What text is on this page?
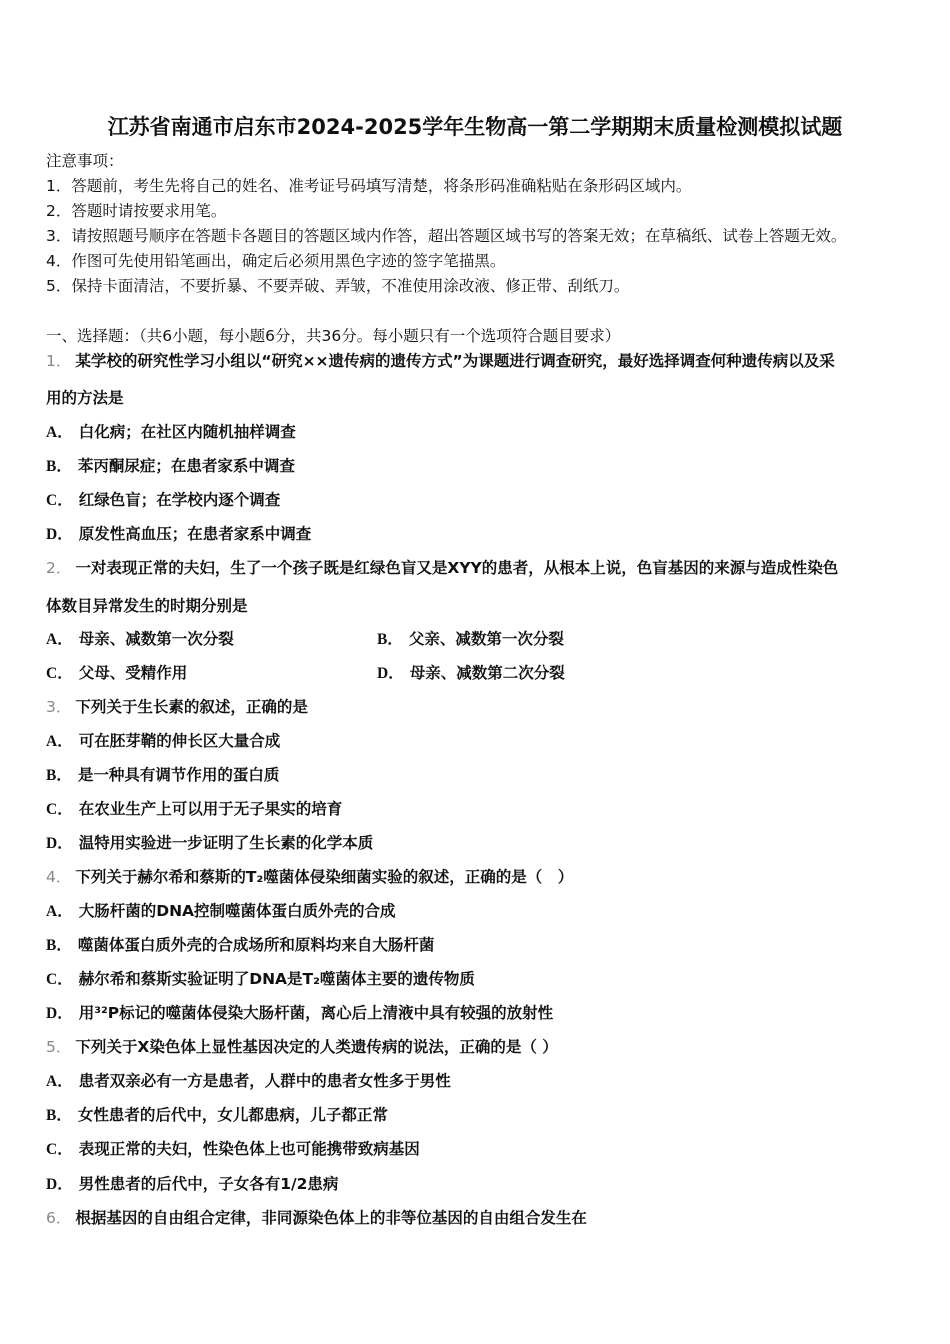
江苏省南通市启东市2024-2025学年生物高一第二学期期末质量检测模拟试题
注意事项：
1．答题前，考生先将自己的姓名、准考证号码填写清楚，将条形码准确粘贴在条形码区域内。
2．答题时请按要求用笔。
3．请按照题号顺序在答题卡各题目的答题区域内作答，超出答题区域书写的答案无效；在草稿纸、试卷上答题无效。
4．作图可先使用铅笔画出，确定后必须用黑色字迹的签字笔描黑。
5．保持卡面清洁，不要折暴、不要弄破、弄皱，不准使用涂改液、修正带、刮纸刀。
一、选择题：（共6小题，每小题6分，共36分。每小题只有一个选项符合题目要求）
1． 某学校的研究性学习小组以“研究××遗传病的遗传方式”为课题进行调查研究，最好选择调查何种遗传病以及采
用的方法是
A． 白化病；在社区内随机抽样调查
B． 苯丙酮尿症；在患者家系中调查
C． 红绿色盲；在学校内逐个调查
D． 原发性高血压；在患者家系中调查
2． 一对表现正常的夫妇，生了一个孩子既是红绿色盲又是XYY的患者，从根本上说，色盲基因的来源与造成性染色
体数目异常发生的时期分别是
A． 母亲、减数第一次分裂	B． 父亲、减数第一次分裂
C． 父母、受精作用	D． 母亲、减数第二次分裂
3． 下列关于生长素的叙述，正确的是
A． 可在胚芽鞘的伸长区大量合成
B． 是一种具有调节作用的蛋白质
C． 在农业生产上可以用于无子果实的培育
D． 温特用实验进一步证明了生长素的化学本质
4． 下列关于赫尔希和蔡斯的T₂噬菌体侵染细菌实验的叙述，正确的是（　）
A． 大肠杆菌的DNA控制噬菌体蛋白质外壳的合成
B． 噬菌体蛋白质外壳的合成场所和原料均来自大肠杆菌
C． 赫尔希和蔡斯实验证明了DNA是T₂噬菌体主要的遗传物质
D． 用³²P标记的噬菌体侵染大肠杆菌，离心后上清液中具有较强的放射性
5． 下列关于X染色体上显性基因决定的人类遗传病的说法，正确的是（ ）
A． 患者双亲必有一方是患者，人群中的患者女性多于男性
B． 女性患者的后代中，女儿都患病，儿子都正常
C． 表现正常的夫妇，性染色体上也可能携带致病基因
D． 男性患者的后代中，子女各有1/2患病
6． 根据基因的自由组合定律，非同源染色体上的非等位基因的自由组合发生在
